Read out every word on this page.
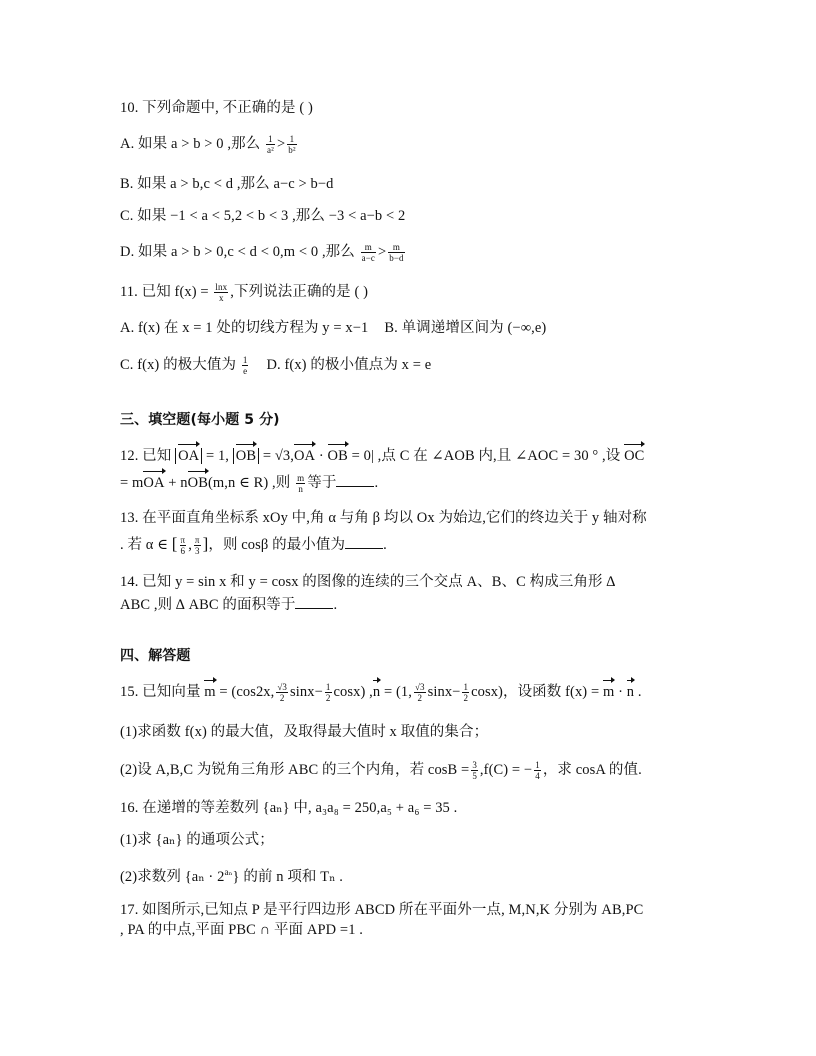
10. 下列命题中, 不正确的是 ( )
A. 如果 a > b > 0 ,那么 $\frac{1}{\text{a²}} > \frac{1}{\text{b²}}$
B. 如果 a > b,c < d ,那么 a−c > b−d
C. 如果 −1 < a < 5,2 < b < 3 ,那么 −3 < a−b < 2
D. 如果 a > b > 0,c < d < 0,m < 0 ,那么 $\frac{m}{a-c} > \frac{m}{b-d}$
11. 已知 $f(x) = \frac{\ln x}{x}$ ,下列说法正确的是 ( )
A. f(x) 在 x = 1 处的切线方程为 y = x−1 B. 单调递增区间为 (−∞,e)
C. f(x) 的极大值为 $\frac{1}{e} D$. f(x) 的极小值点为 x = e
三、填空题(每小题 5 分)
12. 已知 OA = 1, OB = √3,OA · OB = 0| ,点 C 在 ∠AOB 内,且 ∠AOC = 30 ° ,设 OC
= mOA + nOB(m,n ∈ R) ,则 $\frac{m}{n}$ 等于	.
13. 在平面直角坐标系 xOy 中,角 α 与角 β 均以 Ox 为始边,它们的终边关于 y 轴对称
. 若 α ∈ [ $\frac{\pi}{6}$ , $\frac{\pi}{3}$ ]，则 cosβ 的最小值为	.
14. 已知 y = sin x 和 y = cosx 的图像的连续的三个交点 A、B、C 构成三角形 ∆
ABC ,则 ∆ ABC 的面积等于	.
四、解答题
15. 已知向量 m = (cos2x, $\frac{√3}{2} \sin x- \frac{1}{2} \cos x$) ,n = (1, $\frac{√3}{2} \sin x- \frac{1}{2} \cos x$)，设函数 f(x) = m · n .
(1)求函数 f(x) 的最大值，及取得最大值时 x 取值的集合；
(2)设 A,B,C 为锐角三角形 ABC 的三个内角，若 $\cos B = \frac{3}{5} ,f(C)$ = − $\frac{1}{4}$ ，求 cosA 的值.
16. 在递增的等差数列 {aₙ} 中, a₃a₈ = 250,a₅ + a₆ = 35 .
(1)求 {aₙ} 的通项公式；
(2)求数列 $\{a_n \cdot 2^{a_n}\}$ 的前 n 项和 Tₙ .
17. 如图所示,已知点 P 是平行四边形 ABCD 所在平面外一点, M,N,K 分别为 AB,PC
, PA 的中点,平面 PBC ∩ 平面 APD =1 .
